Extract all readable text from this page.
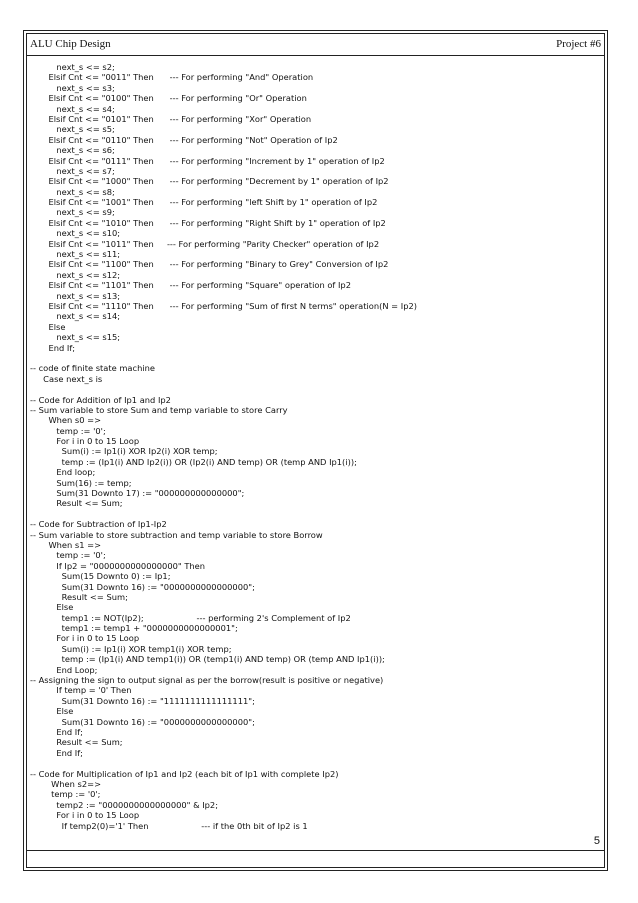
ALU Chip Design	Project #6
next_s <= s2;
Elsif Cnt <= "0011" Then      --- For performing "And" Operation
next_s <= s3;
Elsif Cnt <= "0100" Then      --- For performing "Or" Operation
next_s <= s4;
Elsif Cnt <= "0101" Then      --- For performing "Xor" Operation
next_s <= s5;
Elsif Cnt <= "0110" Then      --- For performing "Not" Operation of Ip2
next_s <= s6;
Elsif Cnt <= "0111" Then      --- For performing "Increment by 1" operation of Ip2
next_s <= s7;
Elsif Cnt <= "1000" Then      --- For performing "Decrement by 1" operation of Ip2
next_s <= s8;
Elsif Cnt <= "1001" Then      --- For performing "left Shift by 1" operation of Ip2
next_s <= s9;
Elsif Cnt <= "1010" Then      --- For performing "Right Shift by 1" operation of Ip2
next_s <= s10;
Elsif Cnt <= "1011" Then     --- For performing "Parity Checker" operation of Ip2
next_s <= s11;
Elsif Cnt <= "1100" Then      --- For performing "Binary to Grey" Conversion of Ip2
next_s <= s12;
Elsif Cnt <= "1101" Then      --- For performing "Square" operation of Ip2
next_s <= s13;
Elsif Cnt <= "1110" Then      --- For performing "Sum of first N terms" operation(N = Ip2)
next_s <= s14;
Else
next_s <= s15;
End If;
-- code of finite state machine
Case next_s is
-- Code for Addition of Ip1 and Ip2
-- Sum variable to store Sum and temp variable to store Carry
When s0 =>
temp := '0';
For i in 0 to 15 Loop
Sum(i) := Ip1(i) XOR Ip2(i) XOR temp;
temp := (Ip1(i) AND Ip2(i)) OR (Ip2(i) AND temp) OR (temp AND Ip1(i));
End loop;
Sum(16) := temp;
Sum(31 Downto 17) := "000000000000000";
Result <= Sum;
-- Code for Subtraction of Ip1-Ip2
-- Sum variable to store subtraction and temp variable to store Borrow
When s1 =>
temp := '0';
If Ip2 = "0000000000000000" Then
Sum(15 Downto 0) := Ip1;
Sum(31 Downto 16) := "0000000000000000";
Result <= Sum;
Else
temp1 := NOT(Ip2);                    --- performing 2's Complement of Ip2
temp1 := temp1 + "0000000000000001";
For i in 0 to 15 Loop
Sum(i) := Ip1(i) XOR temp1(i) XOR temp;
temp := (Ip1(i) AND temp1(i)) OR (temp1(i) AND temp) OR (temp AND Ip1(i));
End Loop;
-- Assigning the sign to output signal as per the borrow(result is positive or negative)
If temp = '0' Then
Sum(31 Downto 16) := "1111111111111111";
Else
Sum(31 Downto 16) := "0000000000000000";
End If;
Result <= Sum;
End If;
-- Code for Multiplication of Ip1 and Ip2 (each bit of Ip1 with complete Ip2)
When s2=>
temp := '0';
temp2 := "0000000000000000" & Ip2;
For i in 0 to 15 Loop
If temp2(0)='1' Then                    --- if the 0th bit of Ip2 is 1
5
